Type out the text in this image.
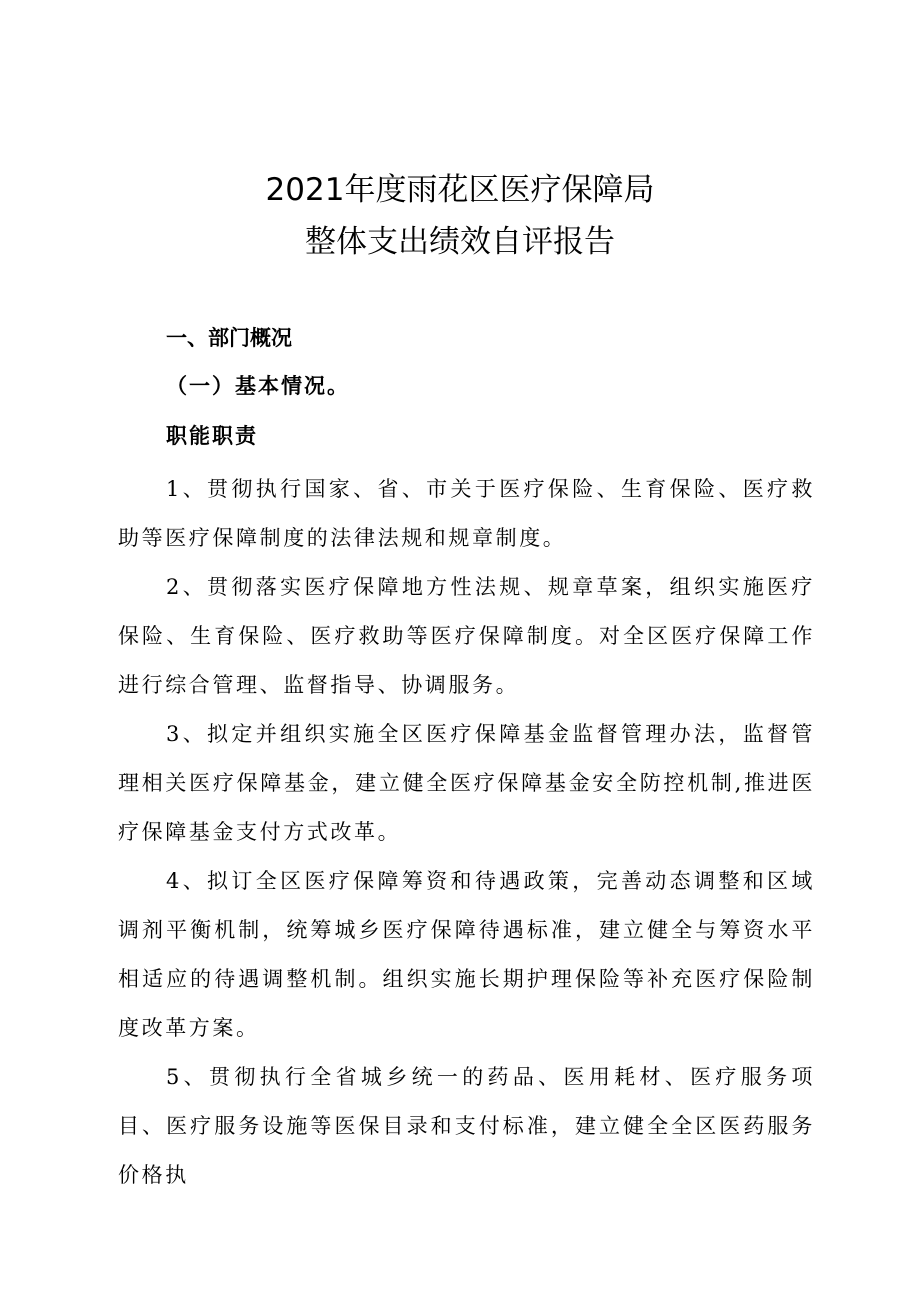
2021年度雨花区医疗保障局
整体支出绩效自评报告
一、部门概况
（一）基本情况。
职能职责

1、贯彻执行国家、省、市关于医疗保险、生育保险、医疗救助等医疗保障制度的法律法规和规章制度。

2、贯彻落实医疗保障地方性法规、规章草案，组织实施医疗保险、生育保险、医疗救助等医疗保障制度。对全区医疗保障工作进行综合管理、监督指导、协调服务。

3、拟定并组织实施全区医疗保障基金监督管理办法，监督管理相关医疗保障基金，建立健全医疗保障基金安全防控机制,推进医疗保障基金支付方式改革。

4、拟订全区医疗保障筹资和待遇政策，完善动态调整和区域调剂平衡机制，统筹城乡医疗保障待遇标准，建立健全与筹资水平相适应的待遇调整机制。组织实施长期护理保险等补充医疗保险制度改革方案。

5、贯彻执行全省城乡统一的药品、医用耗材、医疗服务项目、医疗服务设施等医保目录和支付标准，建立健全全区医药服务价格执
